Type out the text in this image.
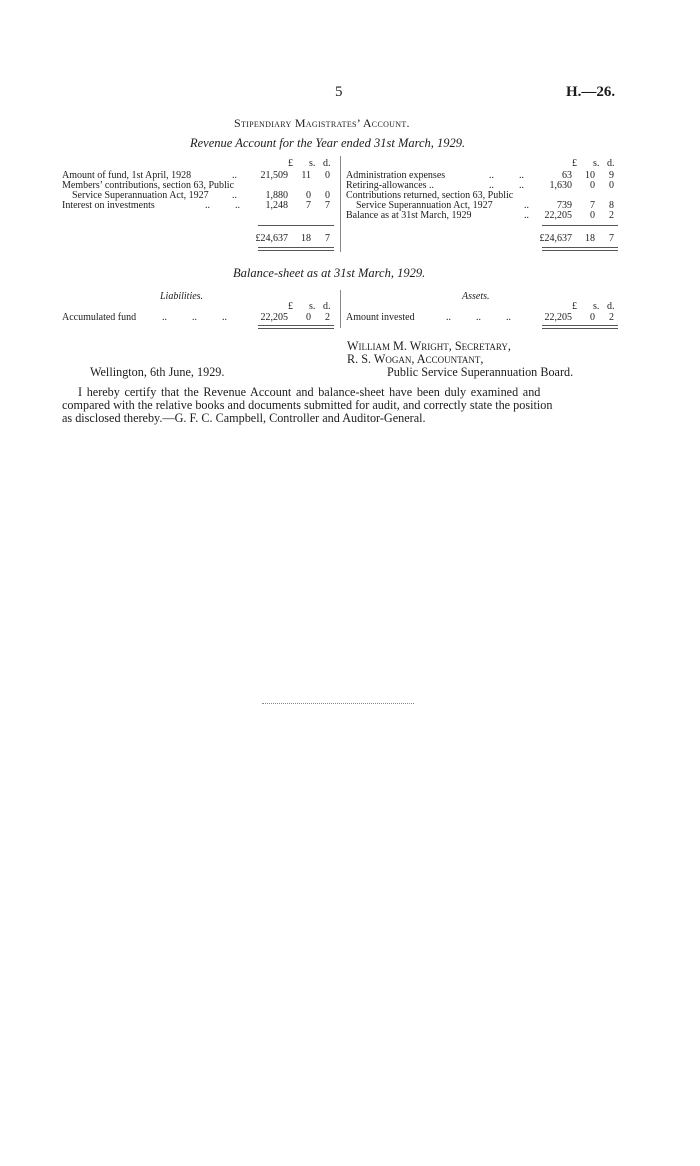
5	H.—26.
Stipendiary Magistrates’ Account.
Revenue Account for the Year ended 31st March, 1929.
£ s. d.	£ s. d.
Amount of fund, 1st April, 1928	..	21,509	11	0
Members’ contributions, section 63, Public
Service Superannuation Act, 1927 ..	1,880	0	0
Interest on investments	..          ..	1,248	7	7
Administration expenses	..          ..	63	10	9
Retiring-allowances ..	..          ..	1,630	0	0
Contributions returned, section 63, Public
Service Superannuation Act, 1927	..	739	7	8
Balance as at 31st March, 1929	..	22,205	0	2
£24,637	18	7	£24,637	18	7
Balance-sheet as at 31st March, 1929.
Liabilities.	Assets.
£ s. d.	£ s. d.
Accumulated fund	..          ..          ..	22,205	0	2 Amount invested	..          ..          ..	22,205	0	2
William M. Wright, Secretary,
R. S. Wogan, Accountant,
Public Service Superannuation Board.
Wellington, 6th June, 1929.
I hereby certify that the Revenue Account and balance-sheet have been duly examined and
compared with the relative books and documents submitted for audit, and correctly state the position
as disclosed thereby.—G. F. C. Campbell, Controller and Auditor-General.
